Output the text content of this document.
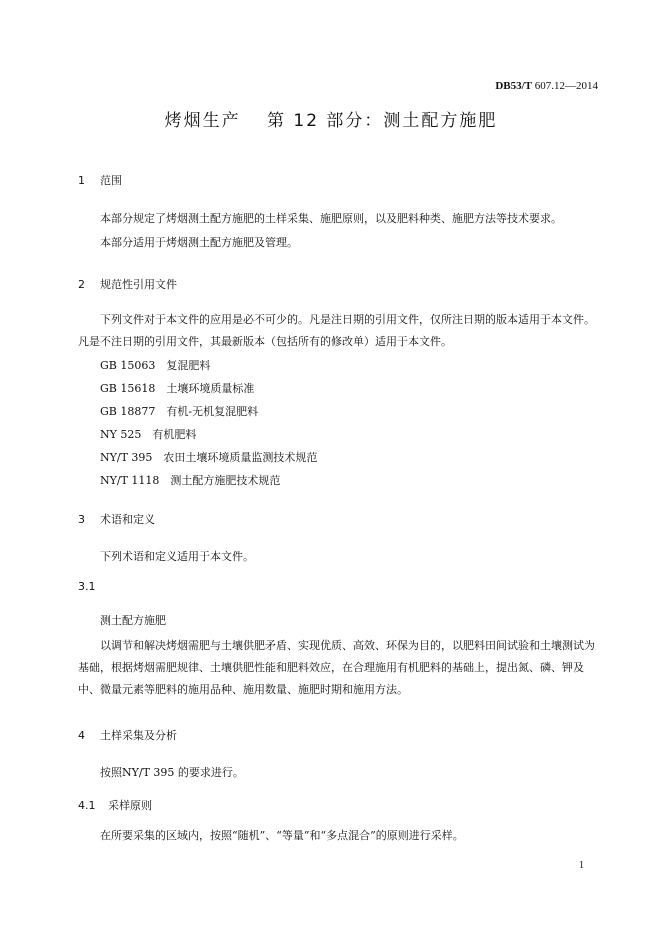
DB53/T 607.12—2014
烤烟生产　 第 12 部分：测土配方施肥
1 范围
本部分规定了烤烟测土配方施肥的土样采集、施肥原则，以及肥料种类、施肥方法等技术要求。
本部分适用于烤烟测土配方施肥及管理。
2 规范性引用文件
下列文件对于本文件的应用是必不可少的。凡是注日期的引用文件，仅所注日期的版本适用于本文件。凡是不注日期的引用文件，其最新版本（包括所有的修改单）适用于本文件。
GB 15063　复混肥料
GB 15618　土壤环境质量标准
GB 18877　有机-无机复混肥料
NY 525　有机肥料
NY/T 395　农田土壤环境质量监测技术规范
NY/T 1118　测土配方施肥技术规范
3 术语和定义
下列术语和定义适用于本文件。
3.1
测土配方施肥
以调节和解决烤烟需肥与土壤供肥矛盾、实现优质、高效、环保为目的，以肥料田间试验和土壤测试为基础，根据烤烟需肥规律、土壤供肥性能和肥料效应，在合理施用有机肥料的基础上，提出氮、磷、钾及中、微量元素等肥料的施用品种、施用数量、施肥时期和施用方法。
4 土样采集及分析
按照NY/T 395 的要求进行。
4.1 采样原则
在所要采集的区域内，按照“随机”、“等量”和“多点混合”的原则进行采样。
1
